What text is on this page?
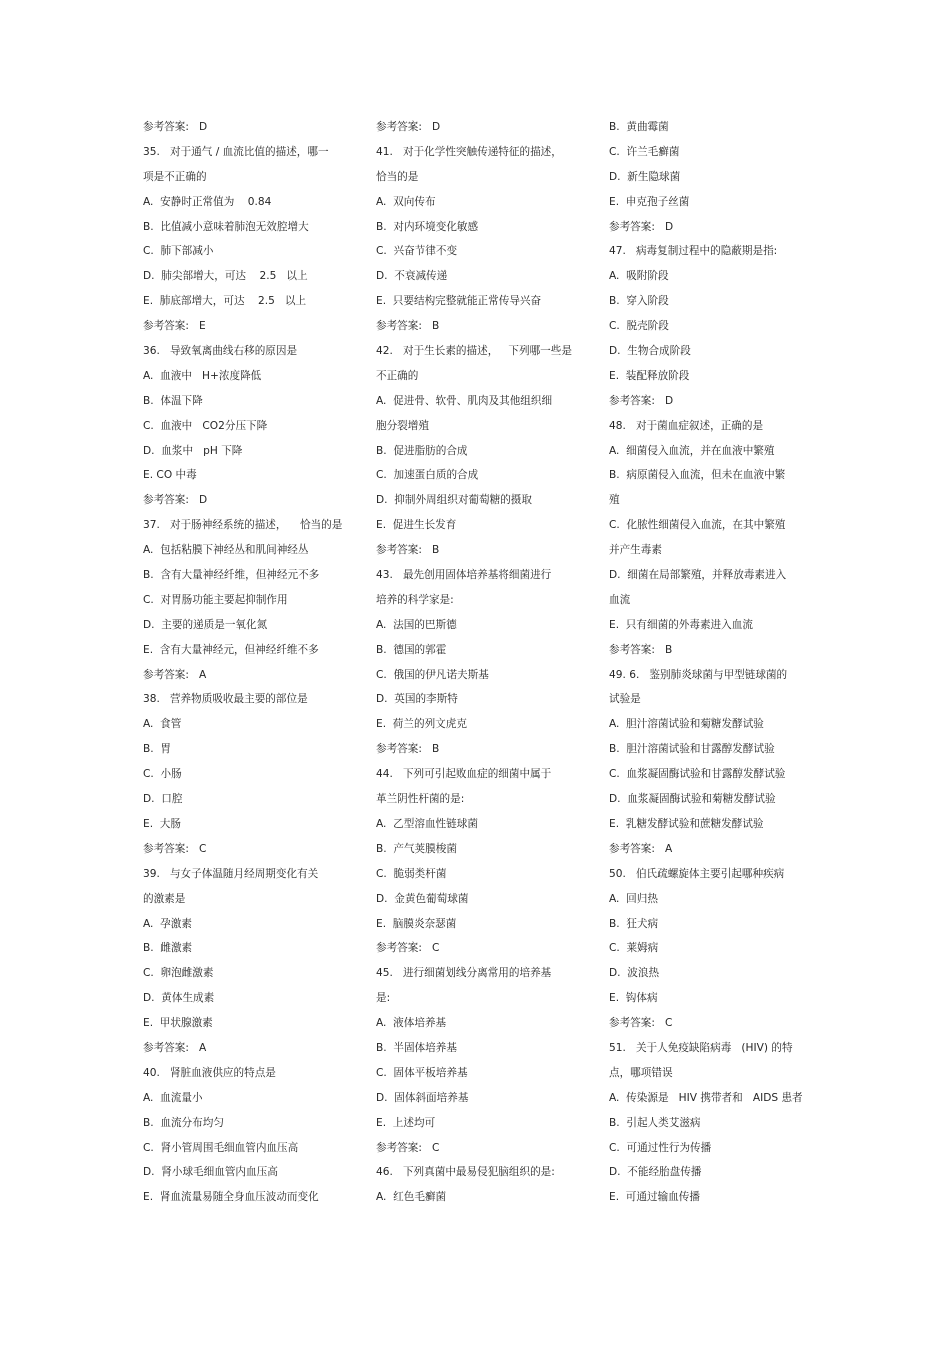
参考答案:   D
35.   对于通气 / 血流比值的描述，哪一
项是不正确的
A.  安静时正常值为    0.84
B.  比值减小意味着肺泡无效腔增大
C.  肺下部减小
D.  肺尖部增大，可达    2.5   以上
E.  肺底部增大，可达    2.5   以上
参考答案:   E
36.   导致氧离曲线右移的原因是
A.  血液中   H+浓度降低
B.  体温下降
C.  血液中   CO2分压下降
D.  血浆中   pH 下降
E. CO 中毒
参考答案:   D
37.   对于肠神经系统的描述，    恰当的是
A.  包括粘膜下神经丛和肌间神经丛
B.  含有大量神经纤维，但神经元不多
C.  对胃肠功能主要起抑制作用
D.  主要的递质是一氧化氮
E.  含有大量神经元，但神经纤维不多
参考答案:   A
38.   营养物质吸收最主要的部位是
A.  食管
B.  胃
C.  小肠
D.  口腔
E.  大肠
参考答案:   C
39.   与女子体温随月经周期变化有关
的激素是
A.  孕激素
B.  雌激素
C.  卵泡雌激素
D.  黄体生成素
E.  甲状腺激素
参考答案:   A
40.   肾脏血液供应的特点是
A.  血流量小
B.  血流分布均匀
C.  肾小管周围毛细血管内血压高
D.  肾小球毛细血管内血压高
E.  肾血流量易随全身血压波动而变化
参考答案:   D
41.   对于化学性突触传递特征的描述，
恰当的是
A.  双向传布
B.  对内环境变化敏感
C.  兴奋节律不变
D.  不衰减传递
E.  只要结构完整就能正常传导兴奋
参考答案:   B
42.   对于生长素的描述，   下列哪一些是
不正确的
A.  促进骨、软骨、肌肉及其他组织细
胞分裂增殖
B.  促进脂肪的合成
C.  加速蛋白质的合成
D.  抑制外周组织对葡萄糖的摄取
E.  促进生长发育
参考答案:   B
43.   最先创用固体培养基将细菌进行
培养的科学家是:
A.  法国的巴斯德
B.  德国的郭霍
C.  俄国的伊凡诺夫斯基
D.  英国的李斯特
E.  荷兰的列文虎克
参考答案:   B
44.   下列可引起败血症的细菌中属于
革兰阴性杆菌的是:
A.  乙型溶血性链球菌
B.  产气荚膜梭菌
C.  脆弱类杆菌
D.  金黄色葡萄球菌
E.  脑膜炎奈瑟菌
参考答案:   C
45.   进行细菌划线分离常用的培养基
是:
A.  液体培养基
B.  半固体培养基
C.  固体平板培养基
D.  固体斜面培养基
E.  上述均可
参考答案:   C
46.   下列真菌中最易侵犯脑组织的是:
A.  红色毛癣菌
B.  黄曲霉菌
C.  许兰毛癣菌
D.  新生隐球菌
E.  申克孢子丝菌
参考答案:   D
47.   病毒复制过程中的隐蔽期是指:
A.  吸附阶段
B.  穿入阶段
C.  脱壳阶段
D.  生物合成阶段
E.  装配释放阶段
参考答案:   D
48.   对于菌血症叙述，正确的是
A.  细菌侵入血流，并在血液中繁殖
B.  病原菌侵入血流，但未在血液中繁
殖
C.  化脓性细菌侵入血流，在其中繁殖
并产生毒素
D.  细菌在局部繁殖，并释放毒素进入
血流
E.  只有细菌的外毒素进入血流
参考答案:   B
49. 6.   鉴别肺炎球菌与甲型链球菌的
试验是
A.  胆汁溶菌试验和菊糖发酵试验
B.  胆汁溶菌试验和甘露醇发酵试验
C.  血浆凝固酶试验和甘露醇发酵试验
D.  血浆凝固酶试验和菊糖发酵试验
E.  乳糖发酵试验和蔗糖发酵试验
参考答案:   A
50.   伯氏疏螺旋体主要引起哪种疾病
A.  回归热
B.  狂犬病
C.  莱姆病
D.  波浪热
E.  钩体病
参考答案:   C
51.   关于人免疫缺陷病毒   (HIV) 的特
点，哪项错误
A.  传染源是   HIV 携带者和   AIDS 患者
B.  引起人类艾滋病
C.  可通过性行为传播
D.  不能经胎盘传播
E.  可通过输血传播
